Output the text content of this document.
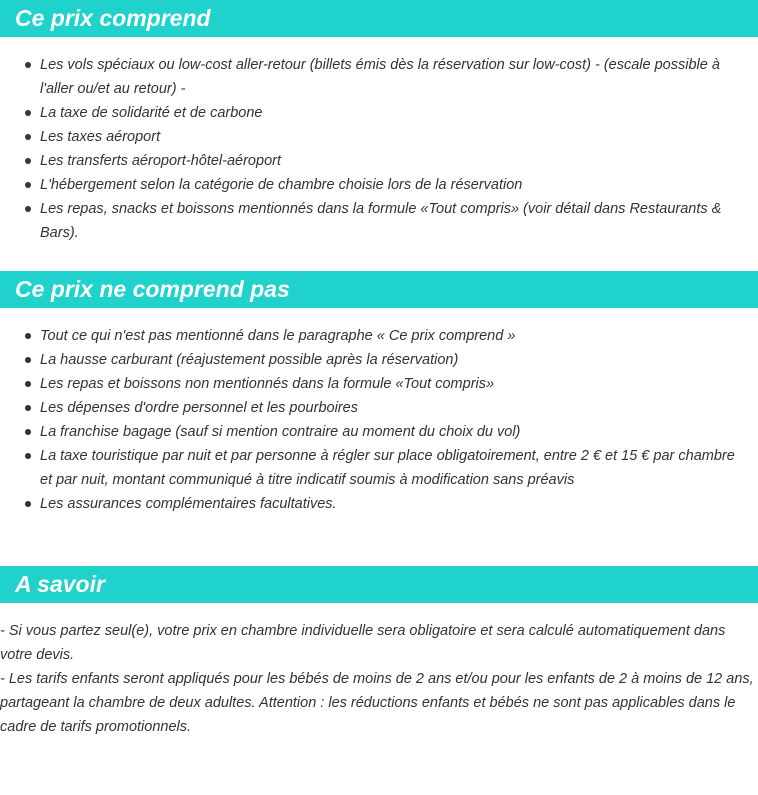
Ce prix comprend
Les vols spéciaux ou low-cost aller-retour (billets émis dès la réservation sur low-cost) - (escale possible à l'aller ou/et au retour) -
La taxe de solidarité et de carbone
Les taxes aéroport
Les transferts aéroport-hôtel-aéroport
L'hébergement selon la catégorie de chambre choisie lors de la réservation
Les repas, snacks et boissons mentionnés dans la formule «Tout compris» (voir détail dans Restaurants & Bars).
Ce prix ne comprend pas
Tout ce qui n'est pas mentionné dans le paragraphe « Ce prix comprend »
La hausse carburant (réajustement possible après la réservation)
Les repas et boissons non mentionnés dans la formule «Tout compris»
Les dépenses d'ordre personnel et les pourboires
La franchise bagage (sauf si mention contraire au moment du choix du vol)
La taxe touristique par nuit et par personne à régler sur place obligatoirement, entre 2 € et 15 € par chambre et par nuit, montant communiqué à titre indicatif soumis à modification sans préavis
Les assurances complémentaires facultatives.
A savoir

- Si vous partez seul(e), votre prix en chambre individuelle sera obligatoire et sera calculé automatiquement dans votre devis.

- Les tarifs enfants seront appliqués pour les bébés de moins de 2 ans et/ou pour les enfants de 2 à moins de 12 ans, partageant la chambre de deux adultes. Attention : les réductions enfants et bébés ne sont pas applicables dans le cadre de tarifs promotionnels.
